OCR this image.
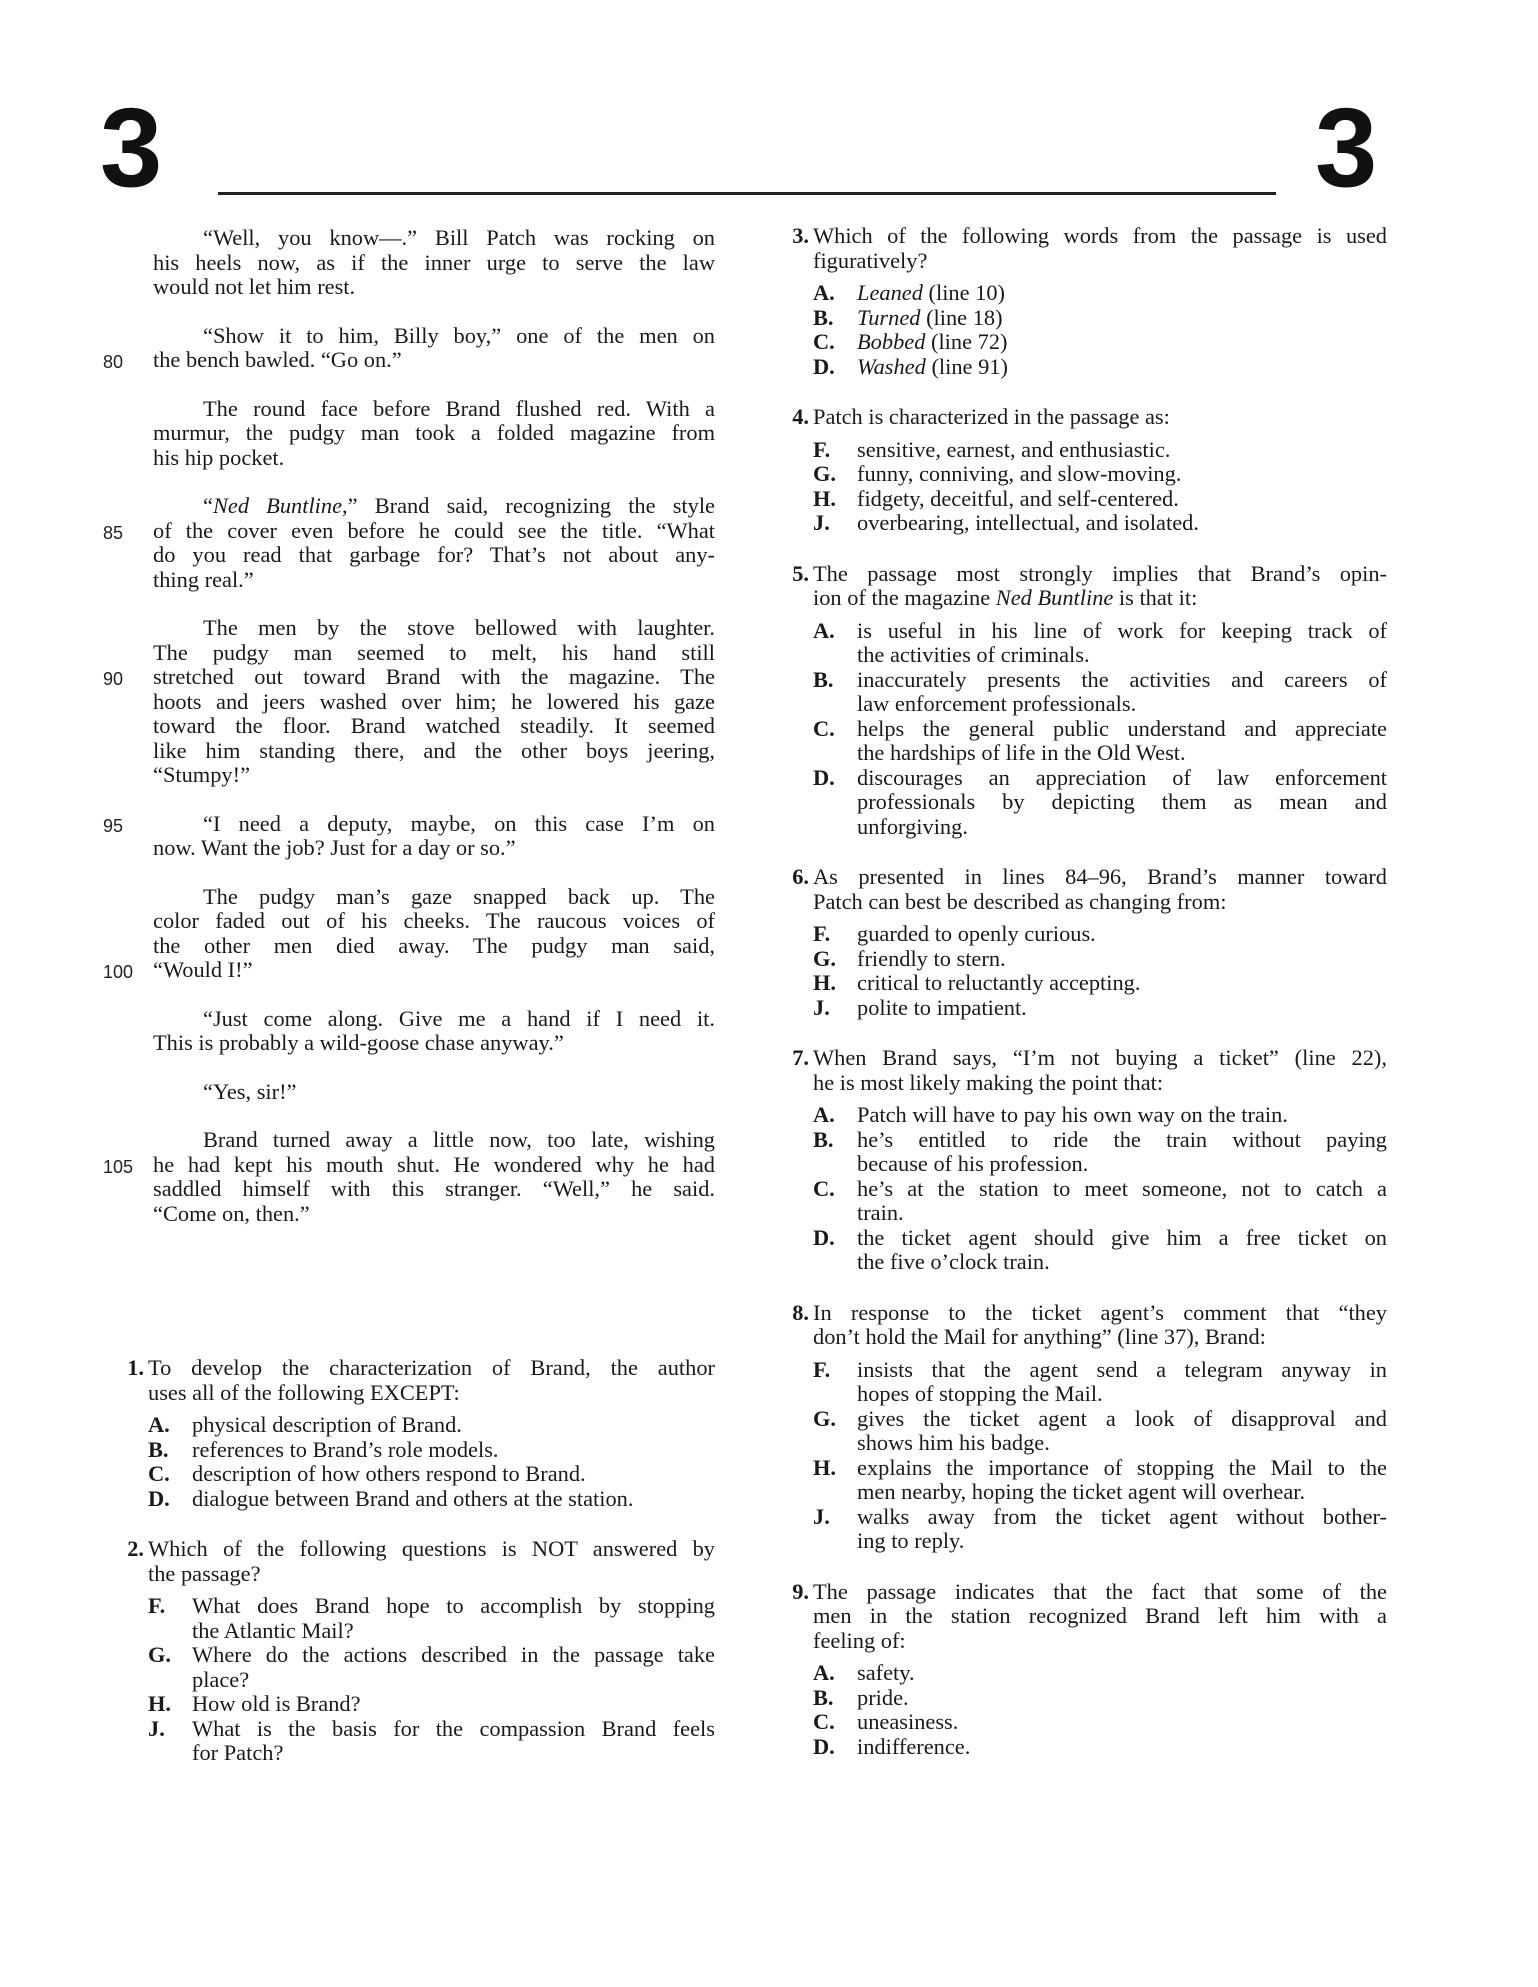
3	3
“Well, you know—.” Bill Patch was rocking on
his heels now, as if the inner urge to serve the law
would not let him rest.
“Show it to him, Billy boy,” one of the men on
the bench bawled. “Go on.”
80
The round face before Brand flushed red. With a
murmur, the pudgy man took a folded magazine from
his hip pocket.
“Ned Buntline,” Brand said, recognizing the style
of the cover even before he could see the title. “What
85
do you read that garbage for? That’s not about any-
thing real.”
The men by the stove bellowed with laughter.
The pudgy man seemed to melt, his hand still
stretched out toward Brand with the magazine. The
90
hoots and jeers washed over him; he lowered his gaze
toward the floor. Brand watched steadily. It seemed
like him standing there, and the other boys jeering,
“Stumpy!”
“I need a deputy, maybe, on this case I’m on
95
now. Want the job? Just for a day or so.”
The pudgy man’s gaze snapped back up. The
color faded out of his cheeks. The raucous voices of
the other men died away. The pudgy man said,
“Would I!”
100
“Just come along. Give me a hand if I need it.
This is probably a wild-goose chase anyway.”
“Yes, sir!”
Brand turned away a little now, too late, wishing
he had kept his mouth shut. He wondered why he had
105
saddled himself with this stranger. “Well,” he said.
“Come on, then.”
1. To develop the characterization of Brand, the author
uses all of the following EXCEPT:
A. physical description of Brand.
B. references to Brand’s role models.
C. description of how others respond to Brand.
D. dialogue between Brand and others at the station.
2. Which of the following questions is NOT answered by
the passage?
F. What does Brand hope to accomplish by stopping
the Atlantic Mail?
G. Where do the actions described in the passage take
place?
H. How old is Brand?
J. What is the basis for the compassion Brand feels
for Patch?
3. Which of the following words from the passage is used
figuratively?
A. Leaned (line 10)
B. Turned (line 18)
C. Bobbed (line 72)
D. Washed (line 91)
4. Patch is characterized in the passage as:
F. sensitive, earnest, and enthusiastic.
G. funny, conniving, and slow-moving.
H. fidgety, deceitful, and self-centered.
J. overbearing, intellectual, and isolated.
5. The passage most strongly implies that Brand’s opin-
ion of the magazine Ned Buntline is that it:
A. is useful in his line of work for keeping track of
the activities of criminals.
B. inaccurately presents the activities and careers of
law enforcement professionals.
C. helps the general public understand and appreciate
the hardships of life in the Old West.
D. discourages an appreciation of law enforcement
professionals by depicting them as mean and
unforgiving.
6. As presented in lines 84–96, Brand’s manner toward
Patch can best be described as changing from:
F. guarded to openly curious.
G. friendly to stern.
H. critical to reluctantly accepting.
J. polite to impatient.
7. When Brand says, “I’m not buying a ticket” (line 22),
he is most likely making the point that:
A. Patch will have to pay his own way on the train.
B. he’s entitled to ride the train without paying
because of his profession.
C. he’s at the station to meet someone, not to catch a
train.
D. the ticket agent should give him a free ticket on
the five o’clock train.
8. In response to the ticket agent’s comment that “they
don’t hold the Mail for anything” (line 37), Brand:
F. insists that the agent send a telegram anyway in
hopes of stopping the Mail.
G. gives the ticket agent a look of disapproval and
shows him his badge.
H. explains the importance of stopping the Mail to the
men nearby, hoping the ticket agent will overhear.
J. walks away from the ticket agent without bother-
ing to reply.
9. The passage indicates that the fact that some of the
men in the station recognized Brand left him with a
feeling of:
A. safety.
B. pride.
C. uneasiness.
D. indifference.
